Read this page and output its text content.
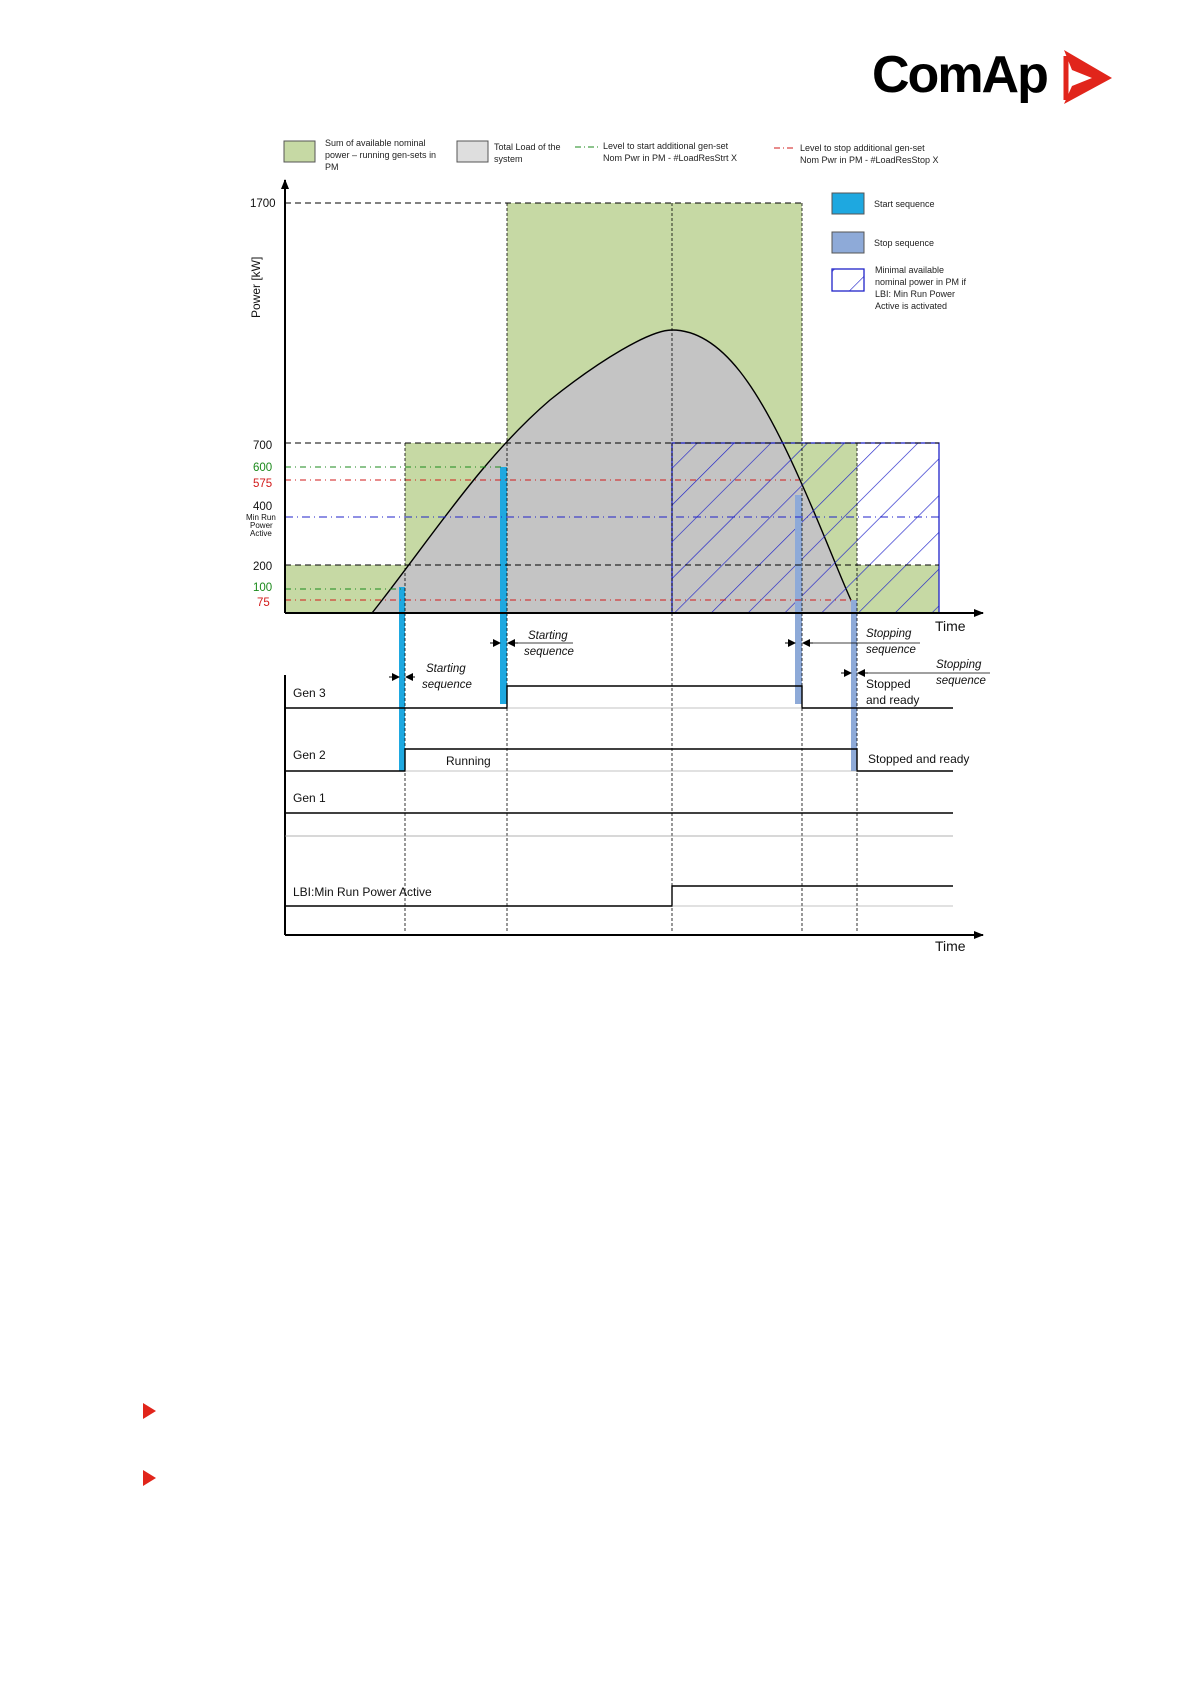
ComAp
Sum of available nominal
power – running gen-sets in
PM
Total Load of the
system
Level to start additional gen-set
Nom Pwr in PM - #LoadResStrt X
Level to stop additional gen-set
Nom Pwr in PM - #LoadResStop X
Start sequence
Stop sequence
Minimal available
nominal power in PM if
LBI: Min Run Power
Active is activated
Power [kW]
1700
700
600
575
400
Min Run
Power
Active
200
100
75
Time
Time
Starting
sequence
Starting
sequence
Stopping
sequence
Stopping
sequence
Gen 3
Stopped
and ready
Gen 2	Running	Stopped and ready
Gen 1
LBI:Min Run Power Active
